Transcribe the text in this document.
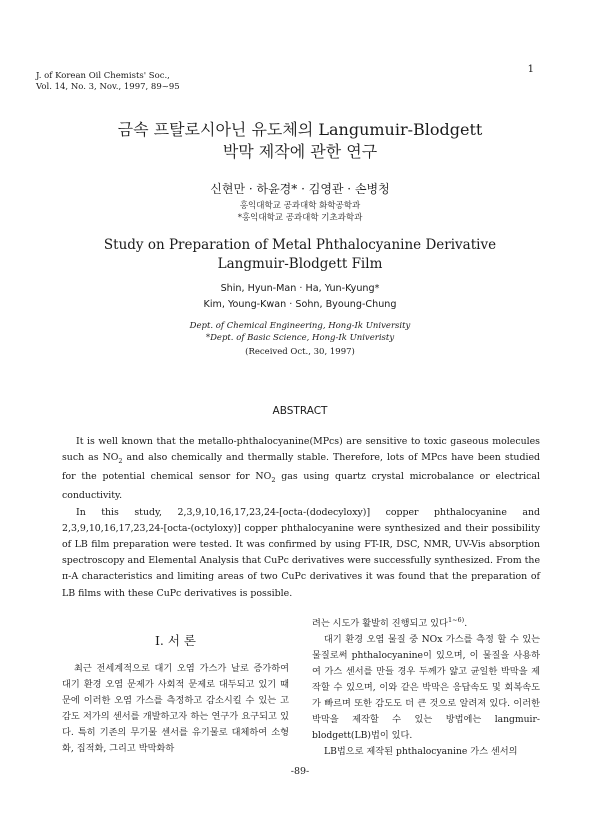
1
J. of Korean Oil Chemists' Soc.,
Vol. 14, No. 3, Nov., 1997, 89~95
금속 프탈로시아닌 유도체의 Langumuir-Blodgett
박막 제작에 관한 연구
신현만 · 하윤경* · 김영관 · 손병청
홍익대학교 공과대학 화학공학과
*홍익대학교 공과대학 기초과학과
Study on Preparation of Metal Phthalocyanine Derivative
Langmuir-Blodgett Film
Shin, Hyun-Man · Ha, Yun-Kyung*
Kim, Young-Kwan · Sohn, Byoung-Chung
Dept. of Chemical Engineering, Hong-Ik University
*Dept. of Basic Science, Hong-Ik Univeristy
(Received Oct., 30, 1997)
ABSTRACT

It is well known that the metallo-phthalocyanine(MPcs) are sensitive to toxic gaseous molecules such as $NO_2$ and also chemically and thermally stable. Therefore, lots of MPcs have been studied for the potential chemical sensor for $NO_2$ gas using quartz crystal microbalance or electrical conductivity.

In this study, 2,3,9,10,16,17,23,24-[octa-(dodecyloxy)] copper phthalocyanine and 2,3,9,10,16,17,23,24-[octa-(octyloxy)] copper phthalocyanine were synthesized and their possibility of LB film preparation were tested. It was confirmed by using FT-IR, DSC, NMR, UV-Vis absorption spectroscopy and Elemental Analysis that CuPc derivatives were successfully synthesized. From the π-A characteristics and limiting areas of two CuPc derivatives it was found that the preparation of LB films with these CuPc derivatives is possible.

Ⅰ. 서 론

최근 전세계적으로 대기 오염 가스가 날로 증가하여 대기 환경 오염 문제가 사회적 문제로 대두되고 있기 때문에 이러한 오염 가스를 측정하고 감소시킬 수 있는 고감도 저가의 센서를 개발하고자 하는 연구가 요구되고 있다. 특히 기존의 무기물 센서를 유기물로 대체하여 소형화, 집적화, 그리고 박막화하

려는 시도가 활발히 진행되고 있다$^{1\sim 6)}$.

대기 환경 오염 물질 중 NOx 가스를 측정 할 수 있는 물질로써 phthalocyanine이 있으며, 이 물질을 사용하여 가스 센서를 만들 경우 두께가 얇고 균일한 박막을 제작할 수 있으며, 이와 같은 박막은 응답속도 및 회복속도가 빠르며 또한 감도도 더 큰 것으로 알려져 있다. 이러한 박막을 제작할 수 있는 방법에는 langmuir-blodgett(LB)법이 있다.

LB법으로 제작된 phthalocyanine 가스 센서의

-89-
